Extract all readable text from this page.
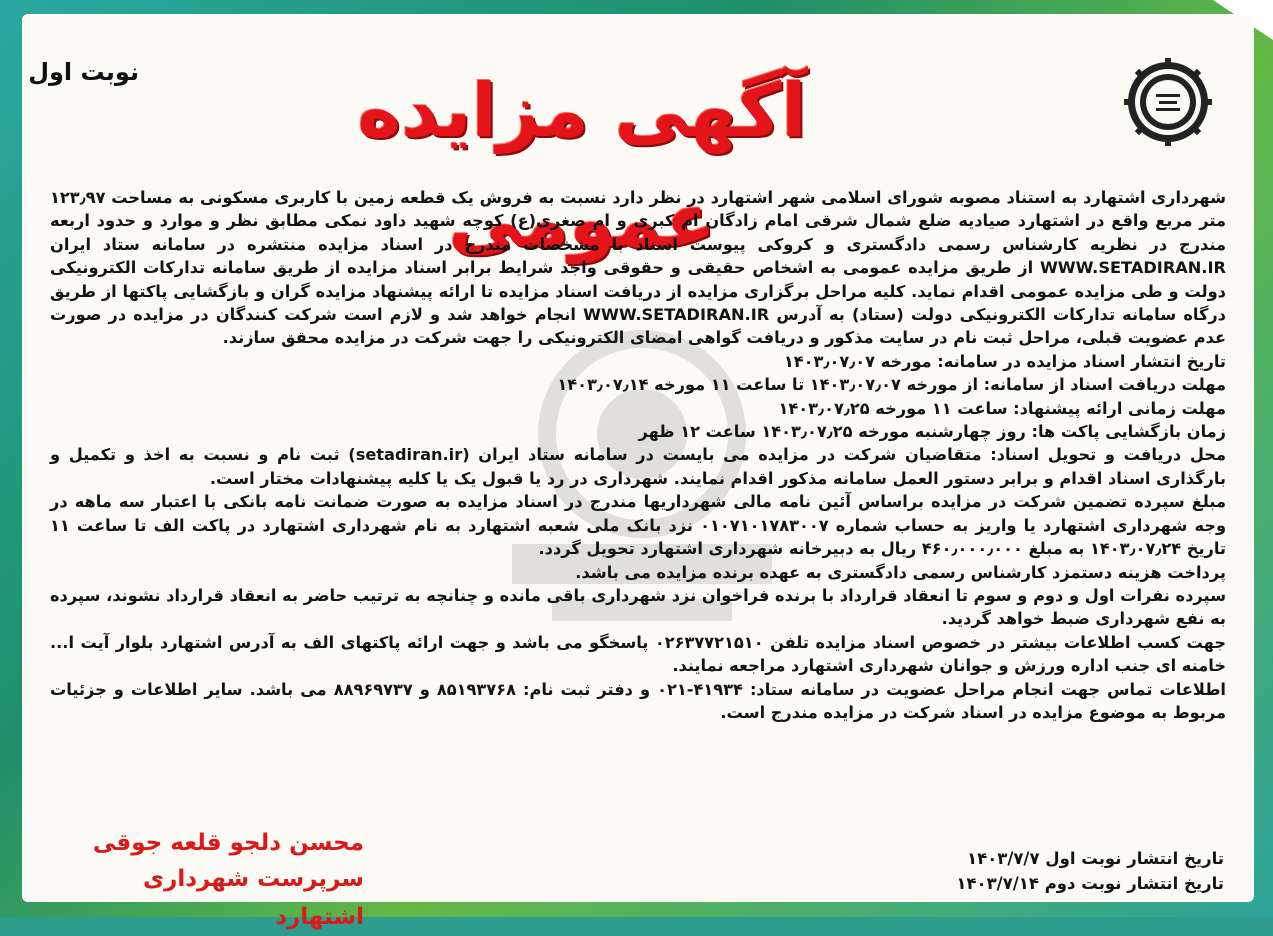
نوبت اول	آگهی مزایده عمومی

شهرداری اشتهارد به استناد مصوبه شورای اسلامی شهر اشتهارد در نظر دارد نسبت به فروش یک قطعه زمین با کاربری مسکونی به مساحت ۱۲۳٫۹۷ متر مربع واقع در اشتهارد صیادیه ضلع شمال شرقی امام زادگان ام کبری و ام صغری(ع) کوچه شهید داود نمکی مطابق نظر و موارد و حدود اربعه مندرج در نظریه کارشناس رسمی دادگستری و کروکی پیوست اسناد با مشخصات مندرج در اسناد مزایده منتشره در سامانه ستاد ایران WWW.SETADIRAN.IR از طریق مزایده عمومی به اشخاص حقیقی و حقوقی واجد شرایط برابر اسناد مزایده از طریق سامانه تدارکات الکترونیکی دولت و طی مزایده عمومی اقدام نماید. کلیه مراحل برگزاری مزایده از دریافت اسناد مزایده تا ارائه پیشنهاد مزایده گران و بازگشایی پاکتها از طریق درگاه سامانه تدارکات الکترونیکی دولت (ستاد) به آدرس WWW.SETADIRAN.IR انجام خواهد شد و لازم است شرکت کنندگان در مزایده در صورت عدم عضویت قبلی، مراحل ثبت نام در سایت مذکور و دریافت گواهی امضای الکترونیکی را جهت شرکت در مزایده محقق سازند.

تاریخ انتشار اسناد مزایده در سامانه: مورخه ۱۴۰۳٫۰۷٫۰۷

مهلت دریافت اسناد از سامانه: از مورخه ۱۴۰۳٫۰۷٫۰۷ تا ساعت ۱۱ مورخه ۱۴۰۳٫۰۷٫۱۴

مهلت زمانی ارائه پیشنهاد: ساعت ۱۱ مورخه ۱۴۰۳٫۰۷٫۲۵

زمان بازگشایی پاکت ها: روز چهارشنبه مورخه ۱۴۰۳٫۰۷٫۲۵ ساعت ۱۲ ظهر

محل دریافت و تحویل اسناد: متقاضیان شرکت در مزایده می بایست در سامانه ستاد ایران (setadiran.ir) ثبت نام و نسبت به اخذ و تکمیل و بارگذاری اسناد اقدام و برابر دستور العمل سامانه مذکور اقدام نمایند. شهرداری در رد یا قبول یک یا کلیه پیشنهادات مختار است.

مبلغ سپرده تضمین شرکت در مزایده براساس آئین نامه مالی شهرداریها مندرج در اسناد مزایده به صورت ضمانت نامه بانکی با اعتبار سه ماهه در وجه شهرداری اشتهارد یا واریز به حساب شماره ۰۱۰۷۱۰۱۷۸۳۰۰۷ نزد بانک ملی شعبه اشتهارد به نام شهرداری اشتهارد در پاکت الف تا ساعت ۱۱ تاریخ ۱۴۰۳٫۰۷٫۲۴ به مبلغ ۴۶۰٫۰۰۰٫۰۰۰ ریال به دبیرخانه شهرداری اشتهارد تحویل گردد.

پرداخت هزینه دستمزد کارشناس رسمی دادگستری به عهده برنده مزایده می باشد.

سپرده نفرات اول و دوم و سوم تا انعقاد قرارداد با برنده فراخوان نزد شهرداری باقی مانده و چنانچه به ترتیب حاضر به انعقاد قرارداد نشوند، سپرده به نفع شهرداری ضبط خواهد گردید.

جهت کسب اطلاعات بیشتر در خصوص اسناد مزایده تلفن ۰۲۶۳۷۷۲۱۵۱۰ پاسخگو می باشد و جهت ارائه پاکتهای الف به آدرس اشتهارد بلوار آیت ا... خامنه ای جنب اداره ورزش و جوانان شهرداری اشتهارد مراجعه نمایند.

اطلاعات تماس جهت انجام مراحل عضویت در سامانه ستاد: ۴۱۹۳۴-۰۲۱ و دفتر ثبت نام: ۸۵۱۹۳۷۶۸ و ۸۸۹۶۹۷۳۷ می باشد. سایر اطلاعات و جزئیات مربوط به موضوع مزایده در اسناد شرکت در مزایده مندرج است.

محسن دلجو قلعه جوقی
سرپرست شهرداری اشتهارد
تاریخ انتشار نوبت اول ۱۴۰۳/۷/۷
تاریخ انتشار نوبت دوم ۱۴۰۳/۷/۱۴
